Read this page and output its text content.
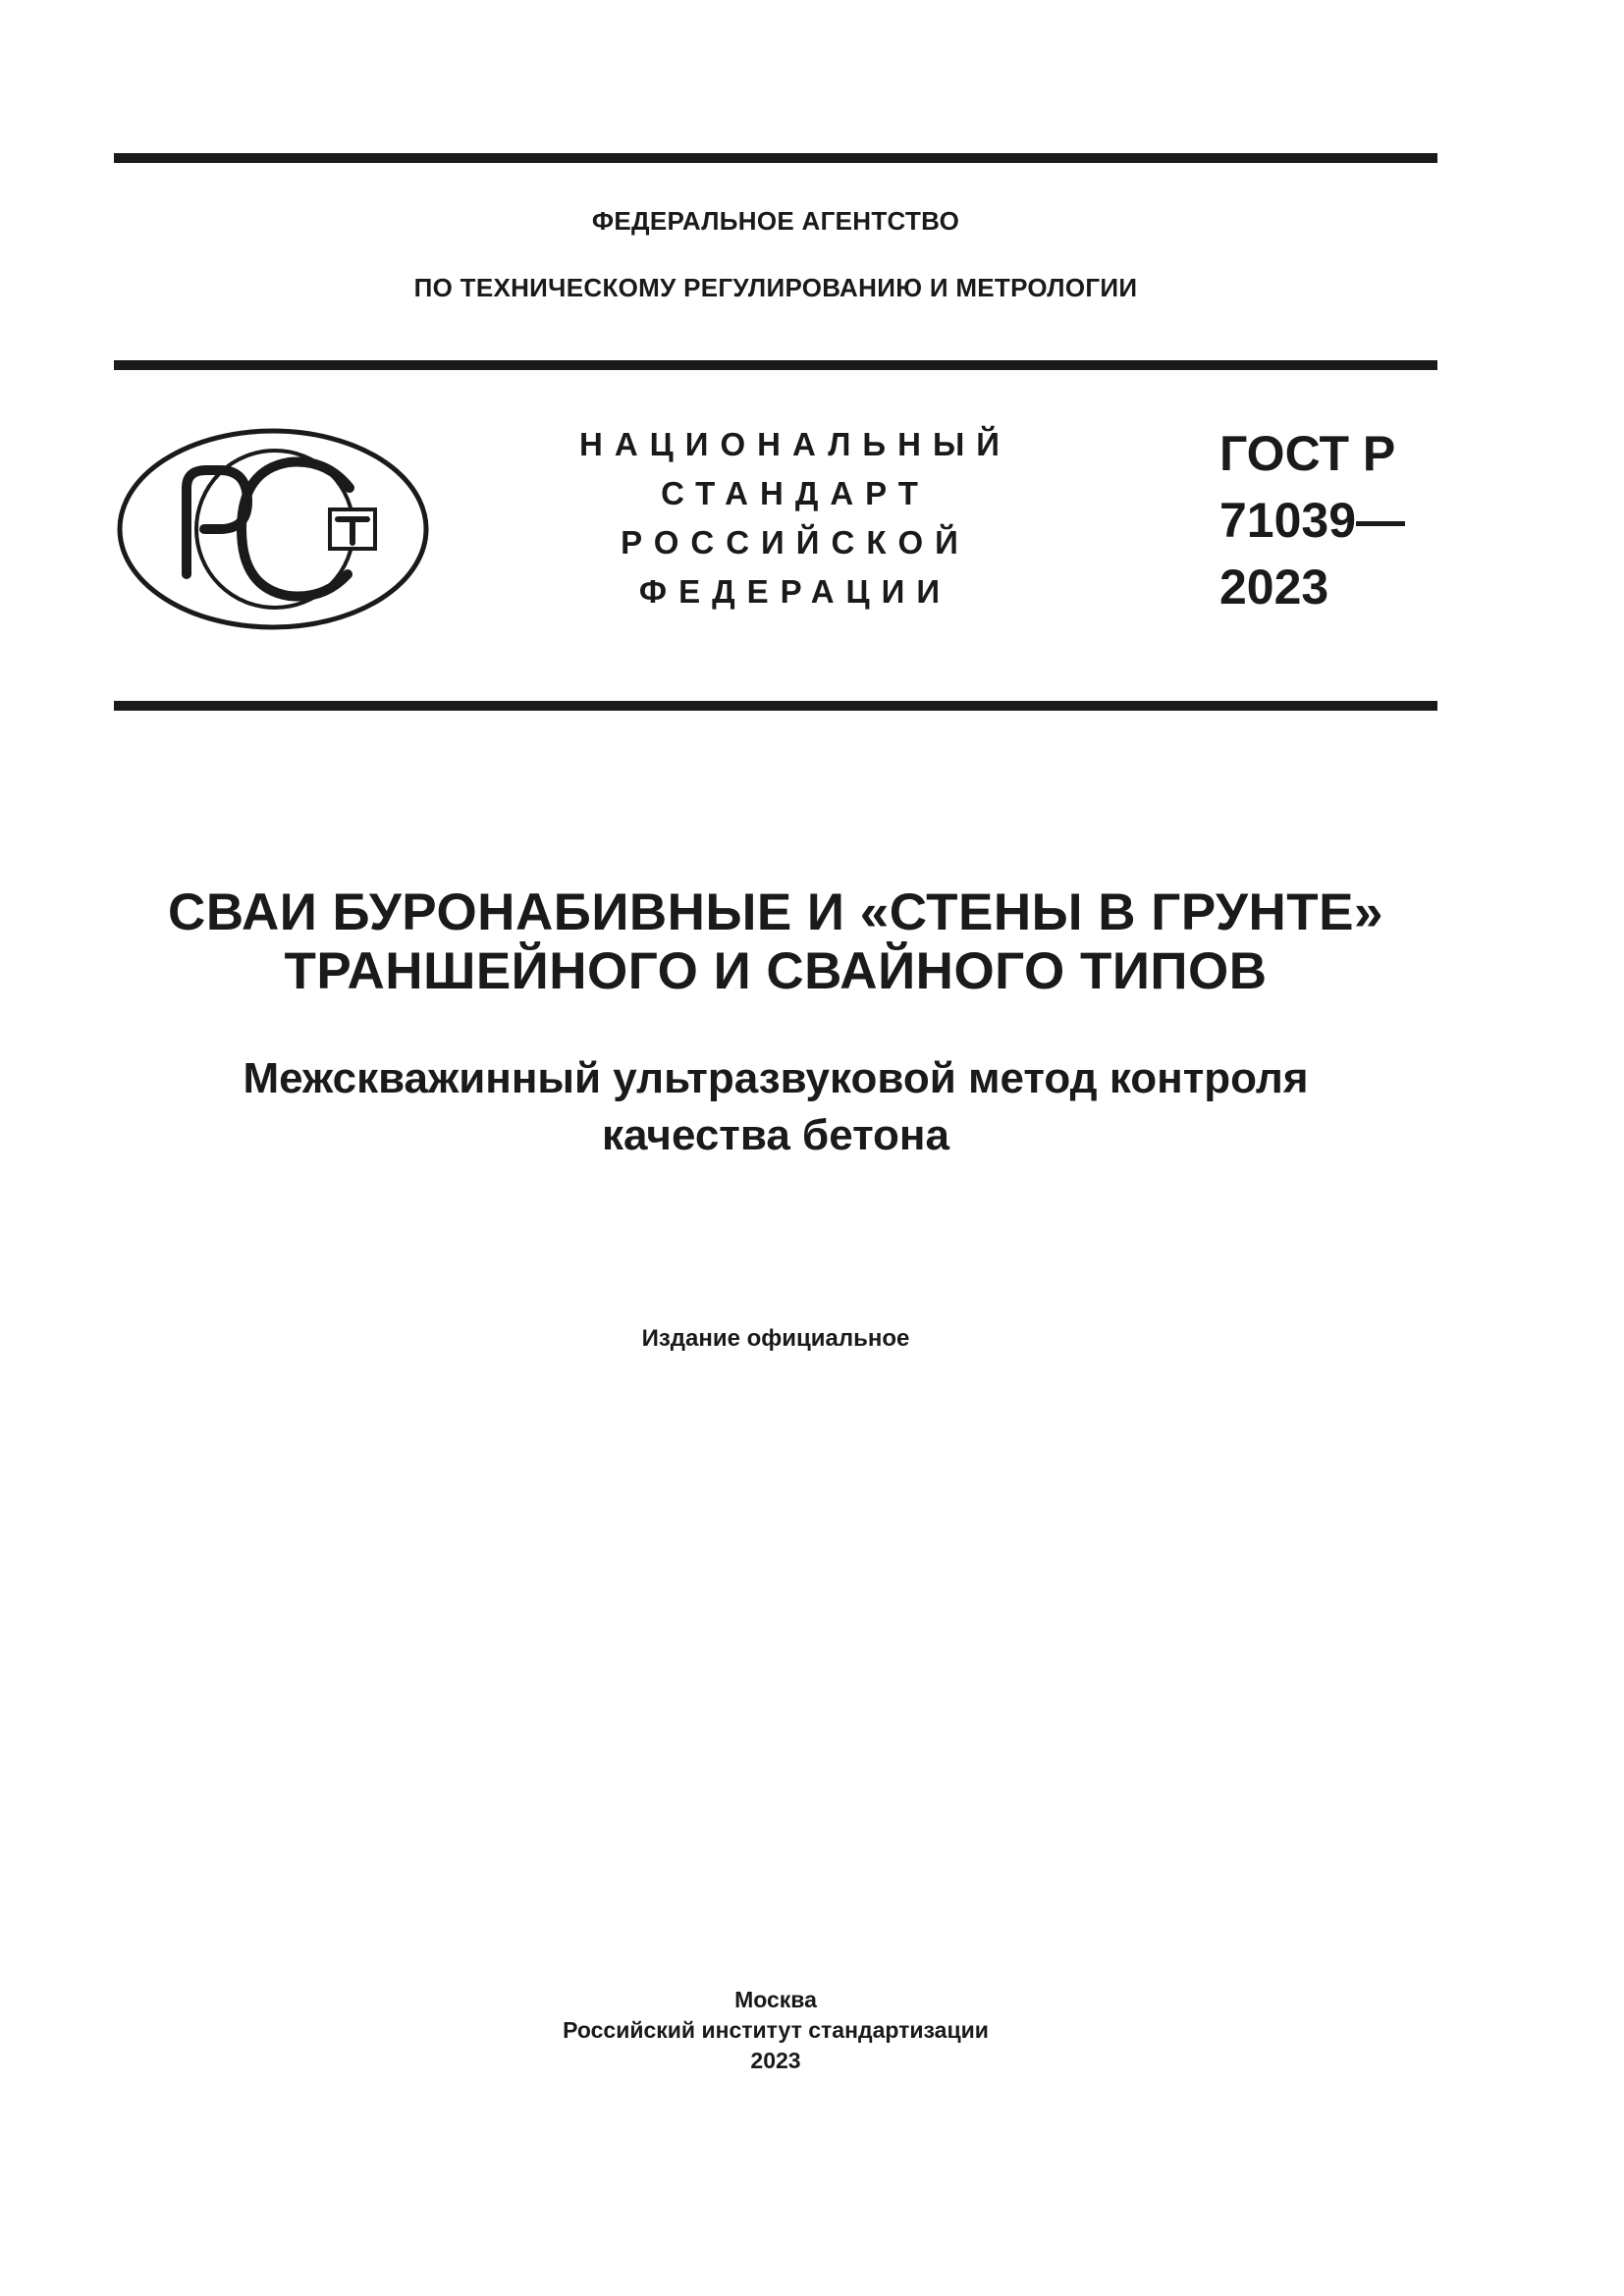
ФЕДЕРАЛЬНОЕ АГЕНТСТВО
ПО ТЕХНИЧЕСКОМУ РЕГУЛИРОВАНИЮ И МЕТРОЛОГИИ
НАЦИОНАЛЬНЫЙ
СТАНДАРТ
РОССИЙСКОЙ
ФЕДЕРАЦИИ
ГОСТ Р
71039—
2023
СВАИ БУРОНАБИВНЫЕ И «СТЕНЫ В ГРУНТЕ»
ТРАНШЕЙНОГО И СВАЙНОГО ТИПОВ
Межскважинный ультразвуковой метод контроля
качества бетона
Издание официальное
Москва
Российский институт стандартизации
2023
